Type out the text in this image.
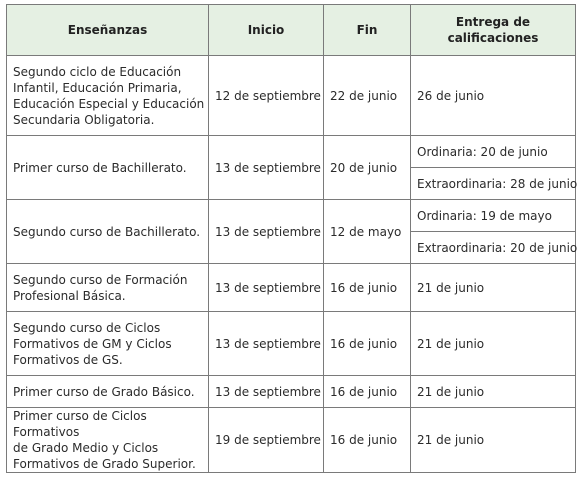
Enseñanzas	Inicio	Fin	Entrega de
calificaciones
Segundo ciclo de Educación
Infantil, Educación Primaria,
Educación Especial y Educación
Secundaria Obligatoria.	12 de septiembre	22 de junio	26 de junio
Primer curso de Bachillerato.	13 de septiembre	20 de junio	Ordinaria: 20 de junio
			Extraordinaria: 28 de junio
Segundo curso de Bachillerato.	13 de septiembre	12 de mayo	Ordinaria: 19 de mayo
			Extraordinaria: 20 de junio
Segundo curso de Formación
Profesional Básica.	13 de septiembre	16 de junio	21 de junio
Segundo curso de Ciclos
Formativos de GM y Ciclos
Formativos de GS.	13 de septiembre	16 de junio	21 de junio
Primer curso de Grado Básico.	13 de septiembre	16 de junio	21 de junio
Primer curso de Ciclos Formativos
de Grado Medio y Ciclos
Formativos de Grado Superior.	19 de septiembre	16 de junio	21 de junio
